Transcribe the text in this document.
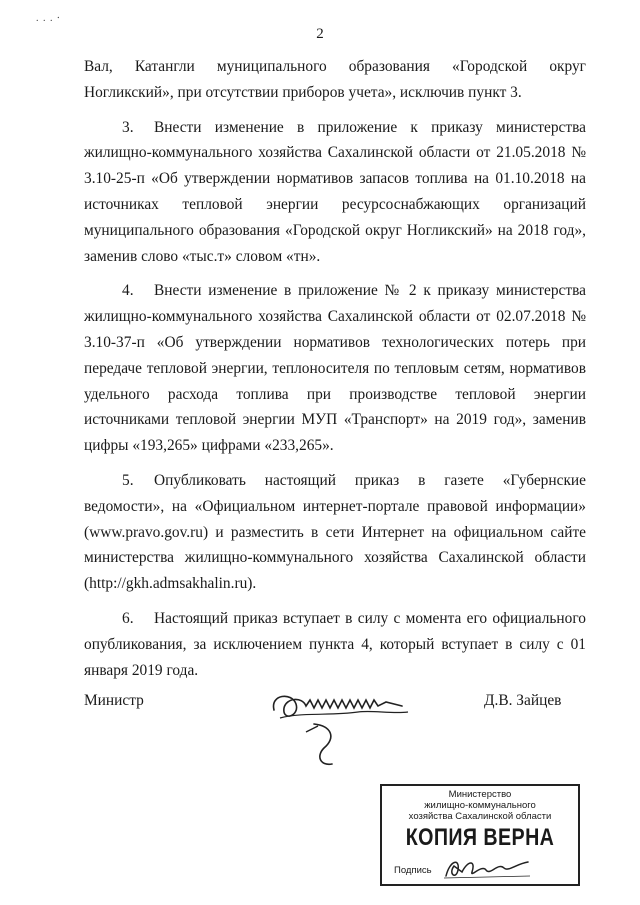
. . . ⸱
2

Вал, Катангли муниципального образования «Городской округ Ногликский», при отсутствии приборов учета», исключив пункт 3.

3. Внести изменение в приложение к приказу министерства жилищно-коммунального хозяйства Сахалинской области от 21.05.2018 № 3.10-25-п «Об утверждении нормативов запасов топлива на 01.10.2018 на источниках тепловой энергии ресурсоснабжающих организаций муниципального образования «Городской округ Ногликский» на 2018 год», заменив слово «тыс.т» словом «тн».

4. Внести изменение в приложение № 2 к приказу министерства жилищно-коммунального хозяйства Сахалинской области от 02.07.2018 № 3.10-37-п «Об утверждении нормативов технологических потерь при передаче тепловой энергии, теплоносителя по тепловым сетям, нормативов удельного расхода топлива при производстве тепловой энергии источниками тепловой энергии МУП «Транспорт» на 2019 год», заменив цифры «193,265» цифрами «233,265».

5. Опубликовать настоящий приказ в газете «Губернские ведомости», на «Официальном интернет-портале правовой информации» (www.pravo.gov.ru) и разместить в сети Интернет на официальном сайте министерства жилищно-коммунального хозяйства Сахалинской области (http://gkh.admsakhalin.ru).

6. Настоящий приказ вступает в силу с момента его официального опубликования, за исключением пункта 4, который вступает в силу с 01 января 2019 года.

Министр	Д.В. Зайцев
Министерство
жилищно-коммунального
хозяйства Сахалинской области
КОПИЯ ВЕРНА
Подпись
